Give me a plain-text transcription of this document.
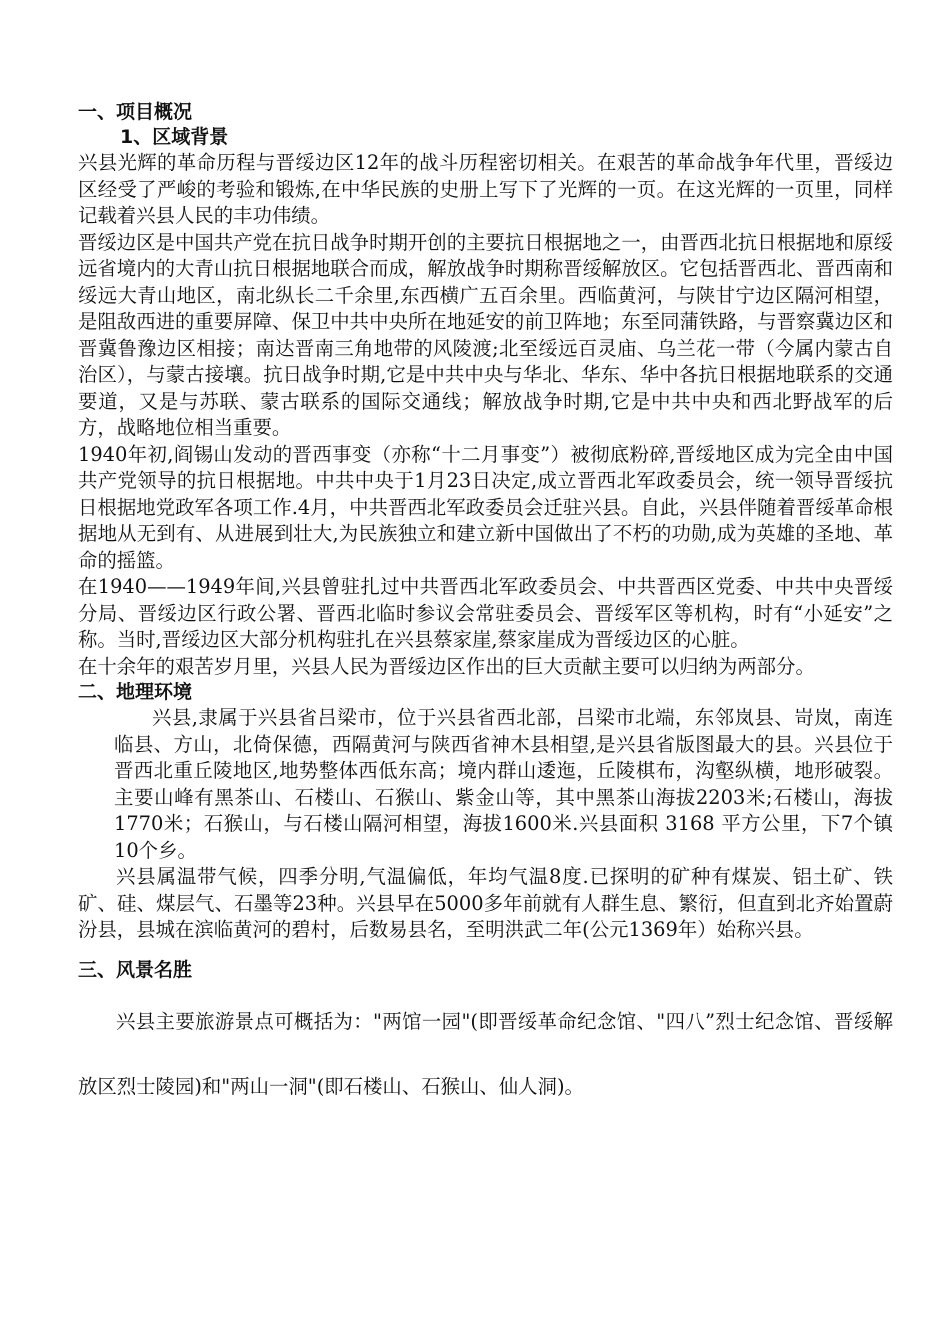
一、项目概况
1、区域背景

兴县光辉的革命历程与晋绥边区12年的战斗历程密切相关。在艰苦的革命战争年代里，晋绥边区经受了严峻的考验和锻炼,在中华民族的史册上写下了光辉的一页。在这光辉的一页里，同样记载着兴县人民的丰功伟绩。

晋绥边区是中国共产党在抗日战争时期开创的主要抗日根据地之一，由晋西北抗日根据地和原绥远省境内的大青山抗日根据地联合而成，解放战争时期称晋绥解放区。它包括晋西北、晋西南和绥远大青山地区，南北纵长二千余里,东西横广五百余里。西临黄河，与陕甘宁边区隔河相望，是阻敌西进的重要屏障、保卫中共中央所在地延安的前卫阵地；东至同蒲铁路，与晋察冀边区和晋冀鲁豫边区相接；南达晋南三角地带的风陵渡;北至绥远百灵庙、乌兰花一带（今属内蒙古自治区），与蒙古接壤。抗日战争时期,它是中共中央与华北、华东、华中各抗日根据地联系的交通要道，又是与苏联、蒙古联系的国际交通线；解放战争时期,它是中共中央和西北野战军的后方，战略地位相当重要。

1940年初,阎锡山发动的晋西事变（亦称“十二月事变”）被彻底粉碎,晋绥地区成为完全由中国共产党领导的抗日根据地。中共中央于1月23日决定,成立晋西北军政委员会，统一领导晋绥抗日根据地党政军各项工作.4月，中共晋西北军政委员会迁驻兴县。自此，兴县伴随着晋绥革命根据地从无到有、从进展到壮大,为民族独立和建立新中国做出了不朽的功勋,成为英雄的圣地、革命的摇篮。

在1940——1949年间,兴县曾驻扎过中共晋西北军政委员会、中共晋西区党委、中共中央晋绥分局、晋绥边区行政公署、晋西北临时参议会常驻委员会、晋绥军区等机构，时有“小延安”之称。当时,晋绥边区大部分机构驻扎在兴县蔡家崖,蔡家崖成为晋绥边区的心脏。

在十余年的艰苦岁月里，兴县人民为晋绥边区作出的巨大贡献主要可以归纳为两部分。

二、地理环境

兴县,隶属于兴县省吕梁市，位于兴县省西北部，吕梁市北端，东邻岚县、岢岚，南连临县、方山，北倚保德，西隔黄河与陕西省神木县相望,是兴县省版图最大的县。兴县位于晋西北重丘陵地区,地势整体西低东高；境内群山逶迤，丘陵棋布，沟壑纵横，地形破裂。主要山峰有黑茶山、石楼山、石猴山、紫金山等，其中黑茶山海拔2203米;石楼山，海拔1770米；石猴山，与石楼山隔河相望，海拔1600米.兴县面积 3168 平方公里，下7个镇10个乡。

兴县属温带气候，四季分明,气温偏低，年均气温8度.已探明的矿种有煤炭、铝土矿、铁矿、硅、煤层气、石墨等23种。兴县早在5000多年前就有人群生息、繁衍，但直到北齐始置蔚汾县，县城在滨临黄河的碧村，后数易县名，至明洪武二年(公元1369年）始称兴县。

三、风景名胜

兴县主要旅游景点可概括为："两馆一园"(即晋绥革命纪念馆、"四八”烈士纪念馆、晋绥解放区烈士陵园)和"两山一洞"(即石楼山、石猴山、仙人洞)。
